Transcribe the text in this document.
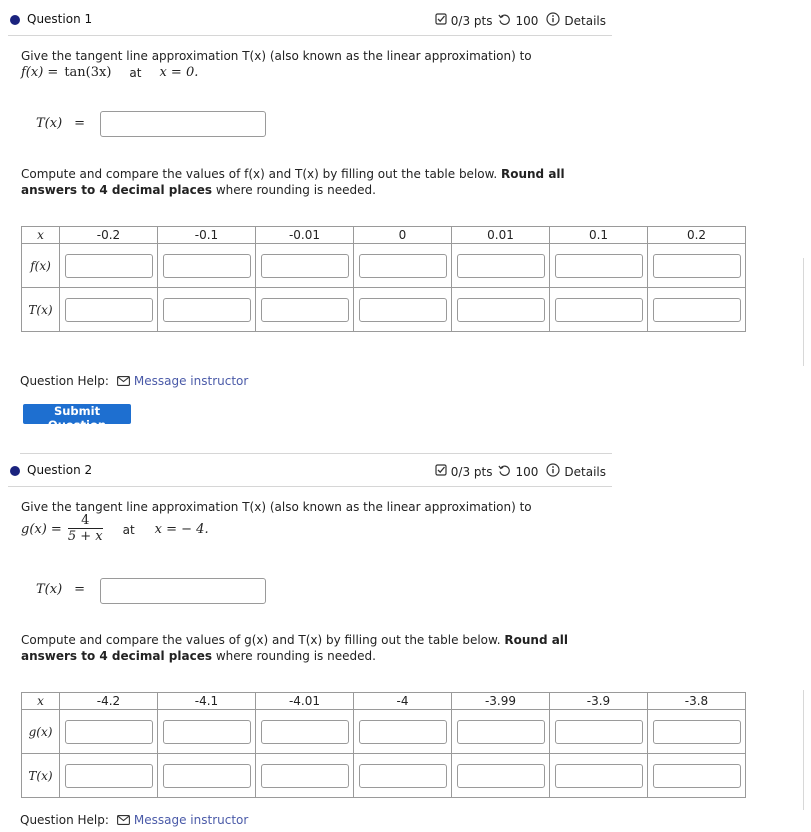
Question 1	0/3 pts 100 Details
Give the tangent line approximation T(x) (also known as the linear approximation) to
f(x) = tan(3x) at x = 0.
T(x) =
Compute and compare the values of f(x) and T(x) by filling out the table below. Round all answers to 4 decimal places where rounding is needed.
x	-0.2	-0.1	-0.01	0	0.01	0.1	0.2
f(x)	

T(x)	

Question Help: Message instructor
Submit Question
Question 2	0/3 pts 100 Details
Give the tangent line approximation T(x) (also known as the linear approximation) to
$g(x) = \frac{4}{5 + x}$ at x = − 4.
T(x) =
Compute and compare the values of g(x) and T(x) by filling out the table below. Round all answers to 4 decimal places where rounding is needed.
x	-4.2	-4.1	-4.01	-4	-3.99	-3.9	-3.8
g(x)	

T(x)	

Question Help: Message instructor
